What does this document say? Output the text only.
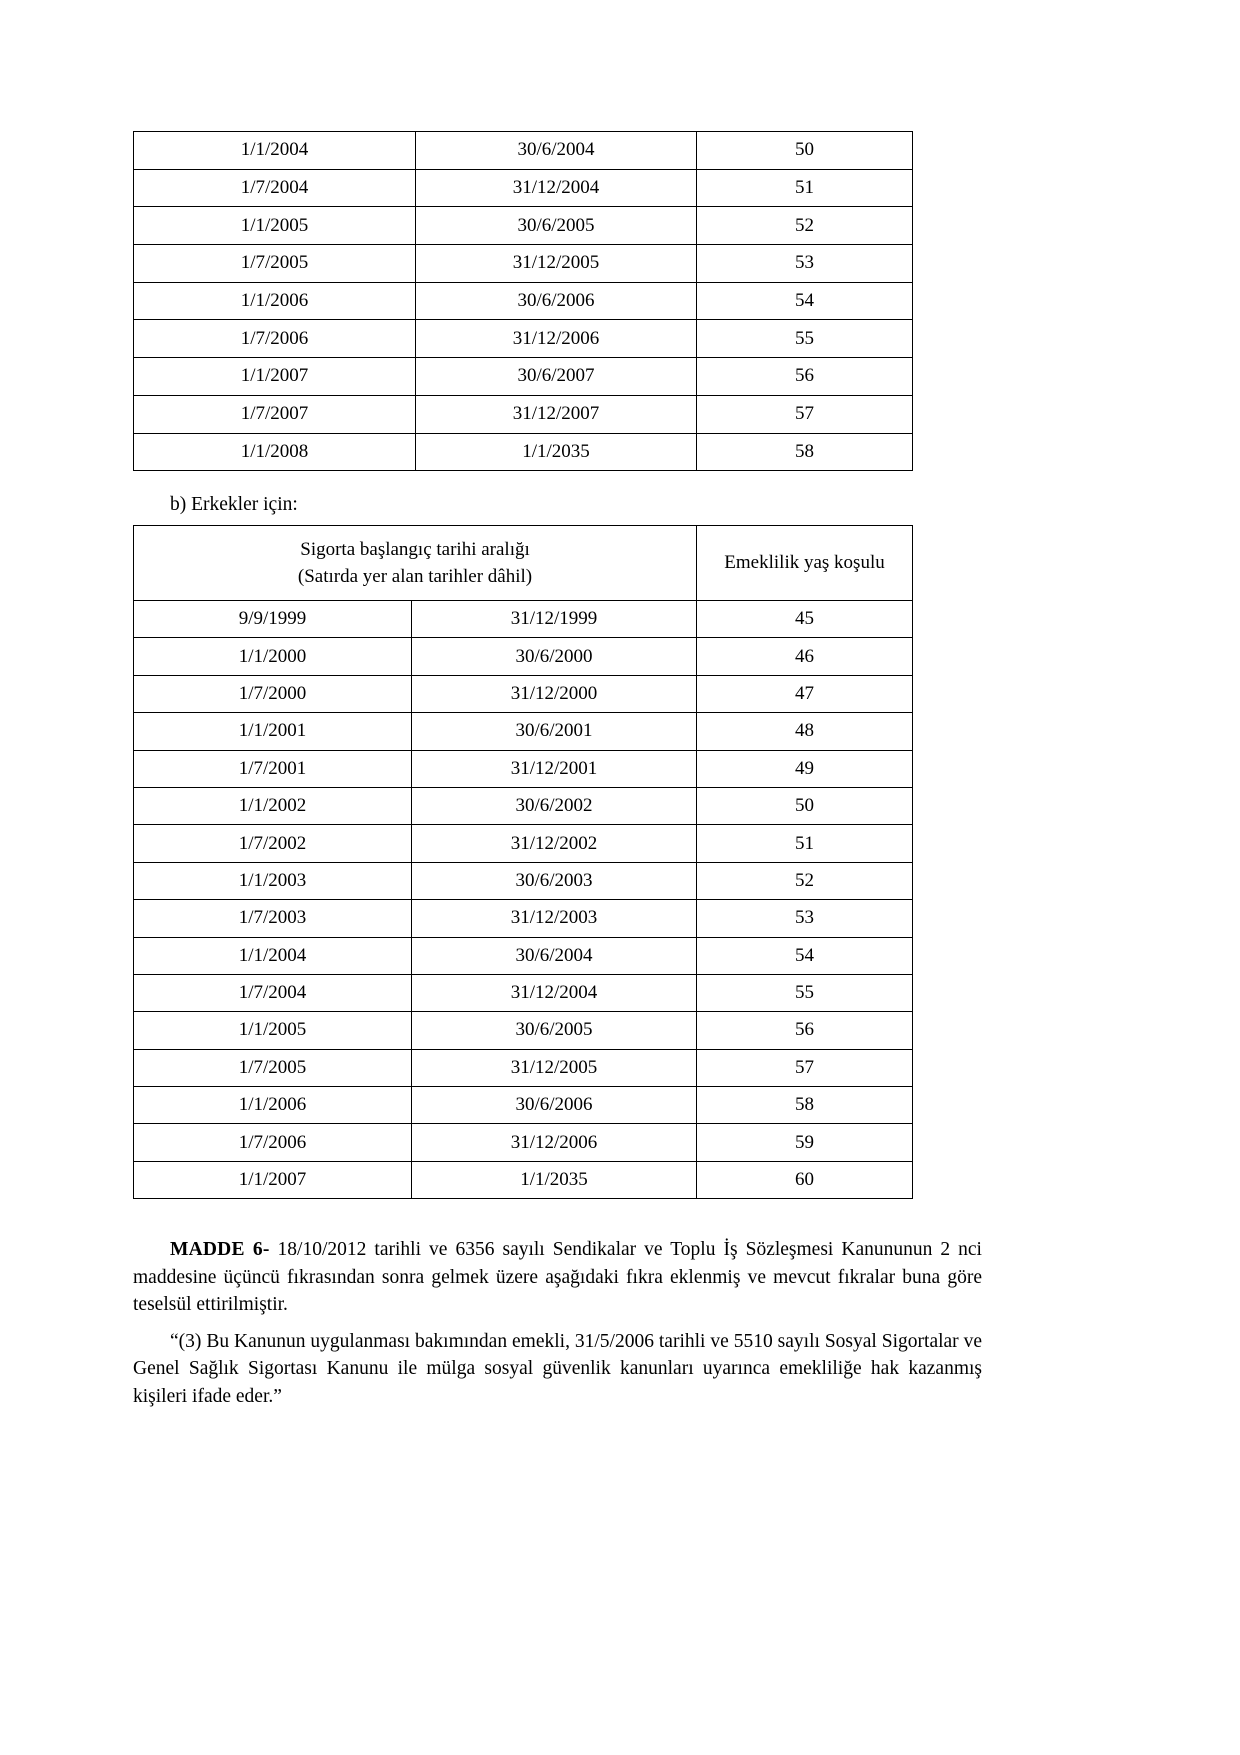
1/1/2004	30/6/2004	50
1/7/2004	31/12/2004	51
1/1/2005	30/6/2005	52
1/7/2005	31/12/2005	53
1/1/2006	30/6/2006	54
1/7/2006	31/12/2006	55
1/1/2007	30/6/2007	56
1/7/2007	31/12/2007	57
1/1/2008	1/1/2035	58
b) Erkekler için:
Sigorta başlangıç tarihi aralığı
(Satırda yer alan tarihler dâhil)		Emeklilik yaş koşulu
9/9/1999	31/12/1999	45
1/1/2000	30/6/2000	46
1/7/2000	31/12/2000	47
1/1/2001	30/6/2001	48
1/7/2001	31/12/2001	49
1/1/2002	30/6/2002	50
1/7/2002	31/12/2002	51
1/1/2003	30/6/2003	52
1/7/2003	31/12/2003	53
1/1/2004	30/6/2004	54
1/7/2004	31/12/2004	55
1/1/2005	30/6/2005	56
1/7/2005	31/12/2005	57
1/1/2006	30/6/2006	58
1/7/2006	31/12/2006	59
1/1/2007	1/1/2035	60

MADDE 6- 18/10/2012 tarihli ve 6356 sayılı Sendikalar ve Toplu İş Sözleşmesi Kanununun 2 nci maddesine üçüncü fıkrasından sonra gelmek üzere aşağıdaki fıkra eklenmiş ve mevcut fıkralar buna göre teselsül ettirilmiştir.

“(3) Bu Kanunun uygulanması bakımından emekli, 31/5/2006 tarihli ve 5510 sayılı Sosyal Sigortalar ve Genel Sağlık Sigortası Kanunu ile mülga sosyal güvenlik kanunları uyarınca emekliliğe hak kazanmış kişileri ifade eder.”
